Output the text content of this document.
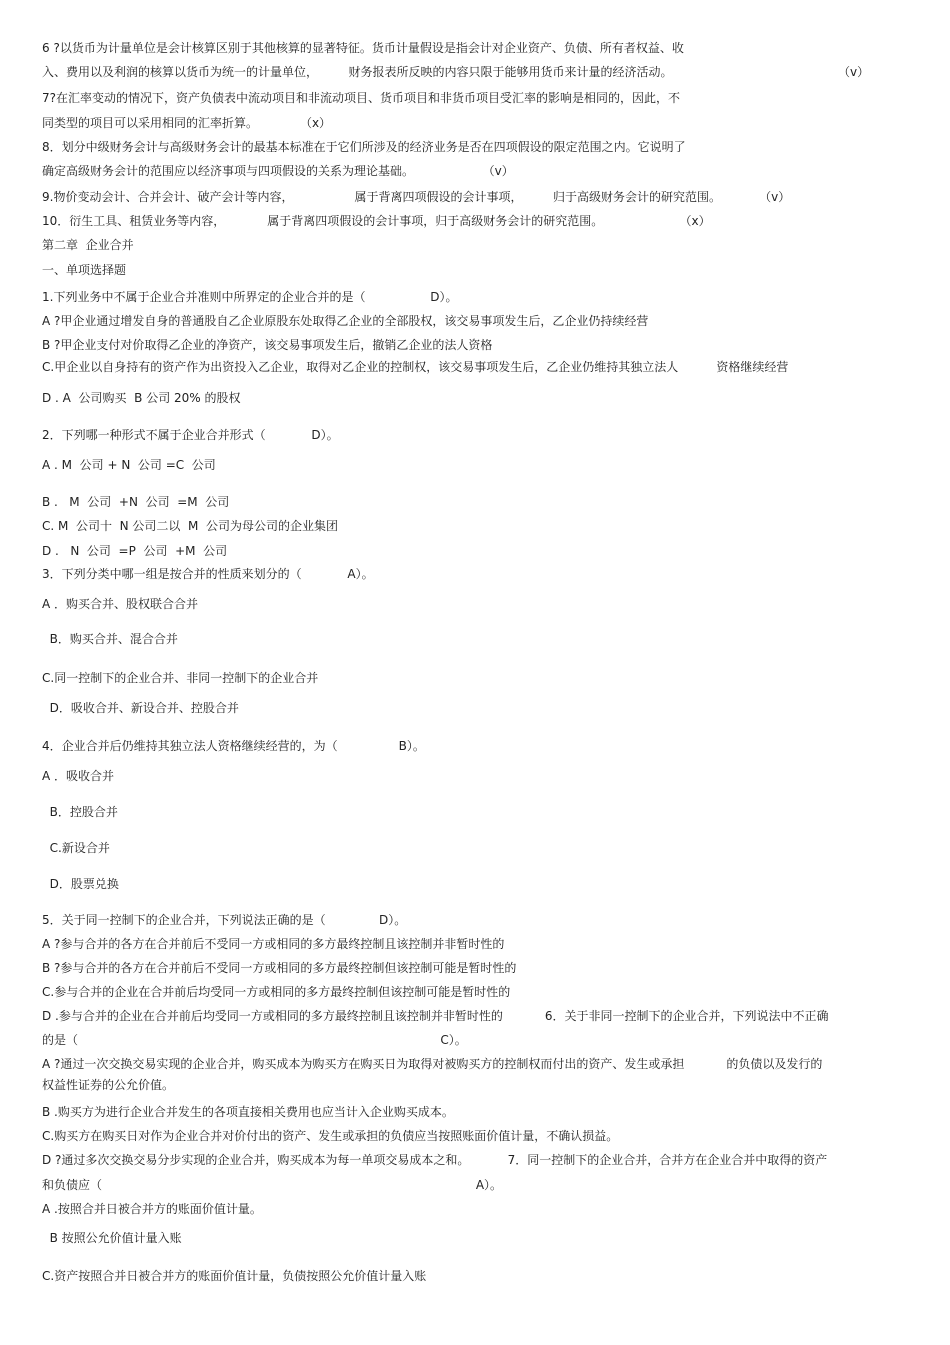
6 ?以货币为计量单位是会计核算区别于其他核算的显著特征。货币计量假设是指会计对企业资产、负债、所有者权益、收
入、费用以及利润的核算以货币为统一的计量单位，        财务报表所反映的内容只限于能够用货币来计量的经济活动。
7?在汇率变动的情况下，资产负债表中流动项目和非流动项目、货币项目和非货币项目受汇率的影响是相同的，因此，不
同类型的项目可以采用相同的汇率折算。           （x）
8．划分中级财务会计与高级财务会计的最基本标准在于它们所涉及的经济业务是否在四项假设的限定范围之内。它说明了
确定高级财务会计的范围应以经济事项与四项假设的关系为理论基础。                  （ⅴ）
9.物价变动会计、合并会计、破产会计等内容，                属于背离四项假设的会计事项，        归于高级财务会计的研究范围。          （ⅴ）
10．衍生工具、租赁业务等内容，           属于背离四项假设的会计事项，归于高级财务会计的研究范围。                    （x）
第二章  企业合并
一、单项选择题
1.下列业务中不属于企业合并准则中所界定的企业合并的是（                 D）。
A ?甲企业通过增发自身的普通股自乙企业原股东处取得乙企业的全部股权，该交易事项发生后，乙企业仍持续经营
B ?甲企业支付对价取得乙企业的净资产，该交易事项发生后，撤销乙企业的法人资格
C.甲企业以自身持有的资产作为出资投入乙企业，取得对乙企业的控制权，该交易事项发生后，乙企业仍维持其独立法人          资格继续经营
D . A  公司购买  B 公司 20% 的股权
2．下列哪一种形式不属于企业合并形式（            D）。
A . M  公司 + N  公司 =C  公司
B .   M  公司  +N  公司  =M  公司
C. M  公司十  N 公司二以  M  公司为母公司的企业集团
D .   N  公司  =P  公司  +M  公司
3．下列分类中哪一组是按合并的性质来划分的（            A）。
A ．购买合并、股权联合合并
B．购买合并、混合合并
C.同一控制下的企业合并、非同一控制下的企业合并
D．吸收合并、新设合并、控股合并
4．企业合并后仍维持其独立法人资格继续经营的，为（                B）。
A ．吸收合并
B．控股合并
C.新设合并
D．股票兑换
5．关于同一控制下的企业合并，下列说法正确的是（              D）。
A ?参与合并的各方在合并前后不受同一方或相同的多方最终控制且该控制并非暂时性的
B ?参与合并的各方在合并前后不受同一方或相同的多方最终控制但该控制可能是暂时性的
C.参与合并的企业在合并前后均受同一方或相同的多方最终控制但该控制可能是暂时性的
D .参与合并的企业在合并前后均受同一方或相同的多方最终控制且该控制并非暂时性的           6．关于非同一控制下的企业合并，下列说法中不正确
的是（                                                                                               C）。
A ?通过一次交换交易实现的企业合并，购买成本为购买方在购买日为取得对被购买方的控制权而付出的资产、发生或承担           的负债以及发行的
权益性证券的公允价值。
B .购买方为进行企业合并发生的各项直接相关费用也应当计入企业购买成本。
C.购买方在购买日对作为企业合并对价付出的资产、发生或承担的负债应当按照账面价值计量，不确认损益。
D ?通过多次交换交易分步实现的企业合并，购买成本为每一单项交易成本之和。          7．同一控制下的企业合并，合并方在企业合并中取得的资产
和负债应（                                                                                                  A）。
A .按照合并日被合并方的账面价值计量。
B 按照公允价值计量入账
C.资产按照合并日被合并方的账面价值计量，负债按照公允价值计量入账
（ⅴ）
